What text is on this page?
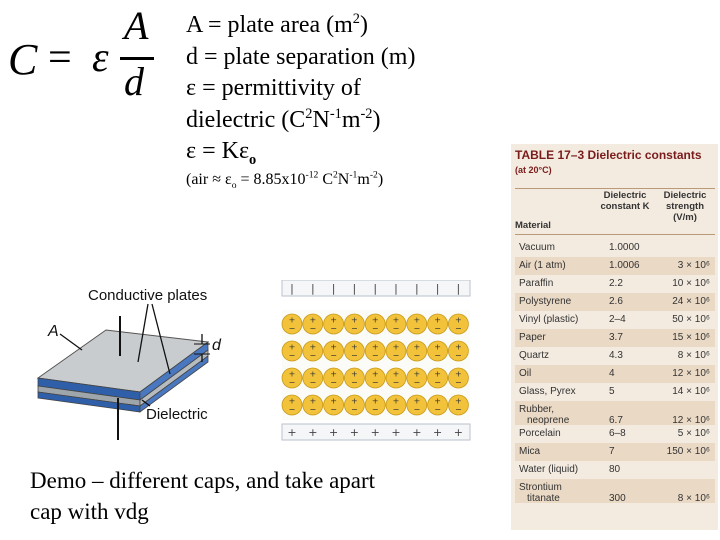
C = ε
A
d
A = plate area $(m^2)$
d = plate separation (m)
ε = permittivity of
dielectric $(C^2N^{-1}m^{-2})$
$\varepsilon = K\varepsilon_o$
($air \approx \varepsilon_o = 8.85x10^{-12}$ $C^2N^{-1}m^{-2}$)
Conductive plates
A
d
Dielectric
| | | | | | | | |
+
−
+
−
+
−
+
−
+
−
+
−
+
−
+
−
+
−
+
−
+
−
+
−
+
−
+
−
+
−
+
−
+
−
+
−
+
−
+
−
+
−
+
−
+
−
+
−
+
−
+
−
+
−
+
−
+
−
+
−
+
−
+
−
+
−
+
−
+
−
+
−
+ + + + + + + + +
TABLE 17–3 Dielectric constants (at 20°C)
Material
Dielectric constant K
Dielectric strength (V/m)
Vacuum	1.0000
Air (1 atm)	1.0006	3 × 10⁶
Paraffin	2.2	10 × 10⁶
Polystyrene	2.6	24 × 10⁶
Vinyl (plastic)	2–4	50 × 10⁶
Paper	3.7	15 × 10⁶
Quartz	4.3	8 × 10⁶
Oil	4	12 × 10⁶
Glass, Pyrex	5	14 × 10⁶
Rubber,
neoprene	6.7	12 × 10⁶
Porcelain	6–8	5 × 10⁶
Mica	7	150 × 10⁶
Water (liquid)	80
Strontium
titanate	300	8 × 10⁶
Demo – different caps, and take apart
cap with vdg
